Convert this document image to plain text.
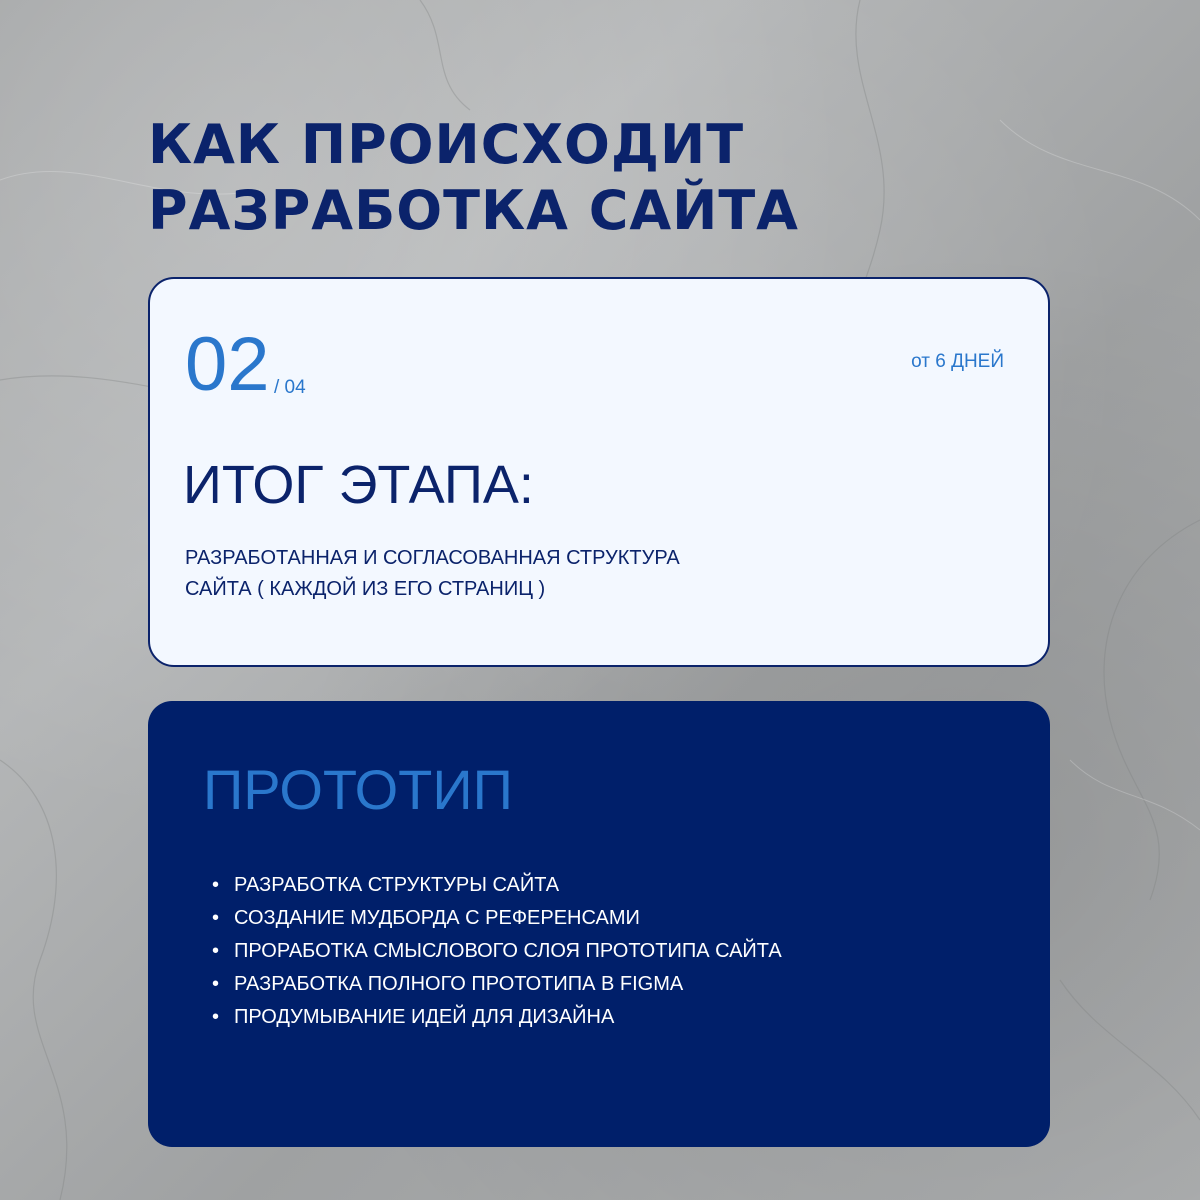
КАК ПРОИСХОДИТ
РАЗРАБОТКА САЙТА
02 / 04
от 6 ДНЕЙ
ИТОГ ЭТАПА:

РАЗРАБОТАННАЯ И СОГЛАСОВАННАЯ СТРУКТУРА
САЙТА ( КАЖДОЙ ИЗ ЕГО СТРАНИЦ )

ПРОТОТИП
• РАЗРАБОТКА СТРУКТУРЫ САЙТА
• СОЗДАНИЕ МУДБОРДА С РЕФЕРЕНСАМИ
• ПРОРАБОТКА СМЫСЛОВОГО СЛОЯ ПРОТОТИПА САЙТА
• РАЗРАБОТКА ПОЛНОГО ПРОТОТИПА В FIGMA
• ПРОДУМЫВАНИЕ ИДЕЙ ДЛЯ ДИЗАЙНА
